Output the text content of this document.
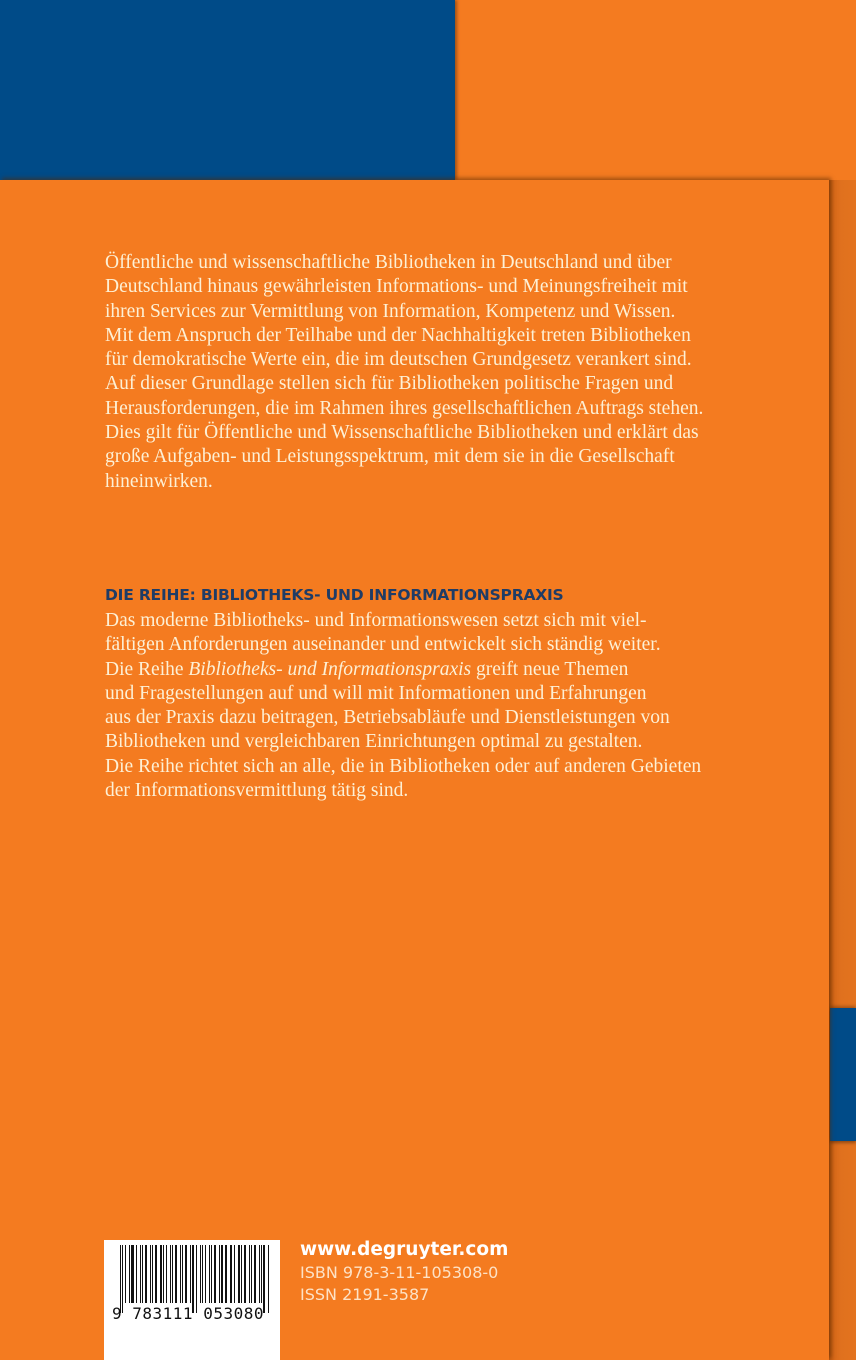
Öffentliche und wissenschaftliche Bibliotheken in Deutschland und über
Deutschland hinaus gewährleisten Informations- und Meinungsfreiheit mit
ihren Services zur Vermittlung von Information, Kompetenz und Wissen.
Mit dem Anspruch der Teilhabe und der Nachhaltigkeit treten Bibliotheken
für demokratische Werte ein, die im deutschen Grundgesetz verankert sind.
Auf dieser Grundlage stellen sich für Bibliotheken politische Fragen und
Herausforderungen, die im Rahmen ihres gesellschaftlichen Auftrags stehen.
Dies gilt für Öffentliche und Wissenschaftliche Bibliotheken und erklärt das
große Aufgaben- und Leistungsspektrum, mit dem sie in die Gesellschaft
hineinwirken.
DIE REIHE: BIBLIOTHEKS- UND INFORMATIONSPRAXIS
Das moderne Bibliotheks- und Informationswesen setzt sich mit viel-
fältigen Anforderungen auseinander und entwickelt sich ständig weiter.
Die Reihe Bibliotheks- und Informationspraxis greift neue Themen
und Fragestellungen auf und will mit Informationen und Erfahrungen
aus der Praxis dazu beitragen, Betriebsabläufe und Dienstleistungen von
Bibliotheken und vergleichbaren Einrichtungen optimal zu gestalten.
Die Reihe richtet sich an alle, die in Bibliotheken oder auf anderen Gebieten
der Informationsvermittlung tätig sind.
9 783111 053080
www.degruyter.com
ISBN 978-3-11-105308-0
ISSN 2191-3587
